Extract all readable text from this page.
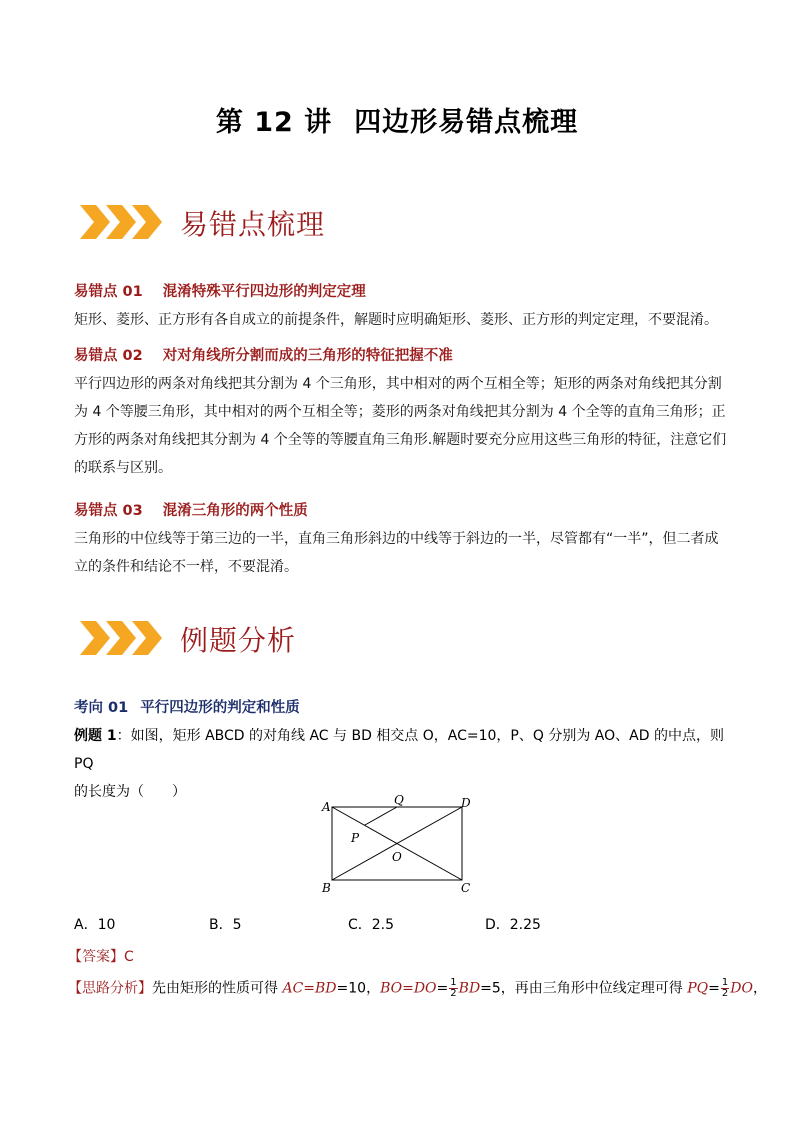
第 12 讲 四边形易错点梳理
易错点梳理
易错点 01 混淆特殊平行四边形的判定定理
矩形、菱形、正方形有各自成立的前提条件，解题时应明确矩形、菱形、正方形的判定定理，不要混淆。
易错点 02 对对角线所分割而成的三角形的特征把握不准
平行四边形的两条对角线把其分割为 4 个三角形，其中相对的两个互相全等；矩形的两条对角线把其分割
为 4 个等腰三角形，其中相对的两个互相全等；菱形的两条对角线把其分割为 4 个全等的直角三角形；正
方形的两条对角线把其分割为 4 个全等的等腰直角三角形.解题时要充分应用这些三角形的特征，注意它们
的联系与区别。
易错点 03 混淆三角形的两个性质
三角形的中位线等于第三边的一半，直角三角形斜边的中线等于斜边的一半，尽管都有“一半”，但二者成
立的条件和结论不一样，不要混淆。
例题分析
考向 01 平行四边形的判定和性质
例题 1：如图，矩形 ABCD 的对角线 AC 与 BD 相交点 O，AC=10，P、Q 分别为 AO、AD 的中点，则 PQ
的长度为（　　）
A
B	C
D
O
P
Q
A．10	B．5	C．2.5	D．2.25
【答案】C
【思路分析】先由矩形的性质可得 AC=BD=10，$BO=DO= \frac{1}{2} BD=5$，再由三角形中位线定理可得 $PQ= \frac{1}{2}$ DO，
